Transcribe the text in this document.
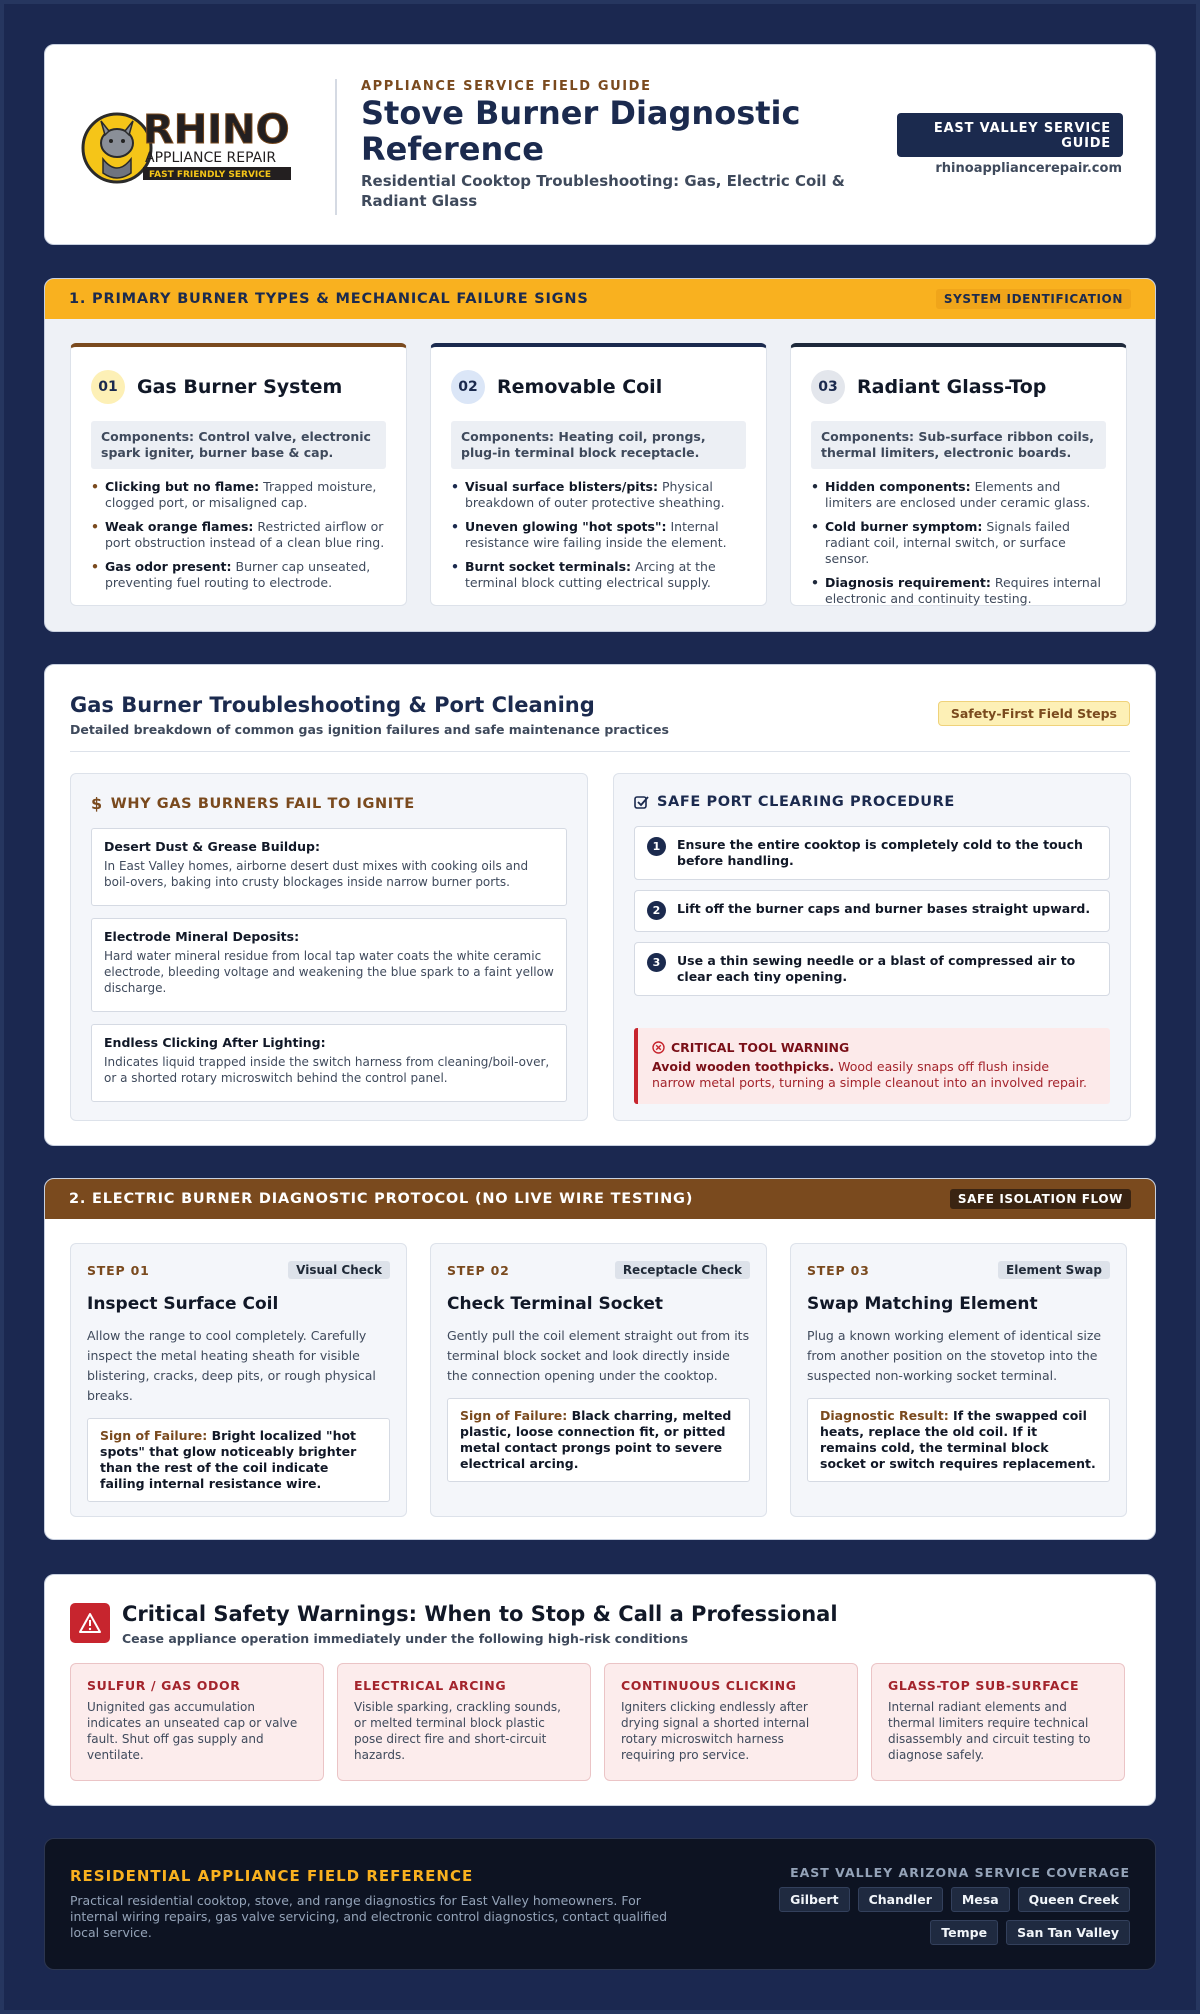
RHINO
APPLIANCE REPAIR
FAST FRIENDLY SERVICE
APPLIANCE SERVICE FIELD GUIDE
Stove Burner Diagnostic Reference
Residential Cooktop Troubleshooting: Gas, Electric Coil & Radiant Glass
EAST VALLEY SERVICE GUIDE
rhinoappliancerepair.com
1. PRIMARY BURNER TYPES & MECHANICAL FAILURE SIGNS	SYSTEM IDENTIFICATION
01	Gas Burner System
Components: Control valve, electronic spark igniter, burner base & cap.
• Clicking but no flame: Trapped moisture, clogged port, or misaligned cap.
• Weak orange flames: Restricted airflow or port obstruction instead of a clean blue ring.
• Gas odor present: Burner cap unseated, preventing fuel routing to electrode.
02	Removable Coil
Components: Heating coil, prongs, plug-in terminal block receptacle.
• Visual surface blisters/pits: Physical breakdown of outer protective sheathing.
• Uneven glowing "hot spots": Internal resistance wire failing inside the element.
• Burnt socket terminals: Arcing at the terminal block cutting electrical supply.
03	Radiant Glass-Top
Components: Sub-surface ribbon coils, thermal limiters, electronic boards.
• Hidden components: Elements and limiters are enclosed under ceramic glass.
• Cold burner symptom: Signals failed radiant coil, internal switch, or surface sensor.
• Diagnosis requirement: Requires internal electronic and continuity testing.
Gas Burner Troubleshooting & Port Cleaning
Detailed breakdown of common gas ignition failures and safe maintenance practices
Safety-First Field Steps
$ WHY GAS BURNERS FAIL TO IGNITE
Desert Dust & Grease Buildup:
In East Valley homes, airborne desert dust mixes with cooking oils and boil-overs, baking into crusty blockages inside narrow burner ports.
Electrode Mineral Deposits:
Hard water mineral residue from local tap water coats the white ceramic electrode, bleeding voltage and weakening the blue spark to a faint yellow discharge.
Endless Clicking After Lighting:
Indicates liquid trapped inside the switch harness from cleaning/boil-over, or a shorted rotary microswitch behind the control panel.
SAFE PORT CLEARING PROCEDURE
1	Ensure the entire cooktop is completely cold to the touch before handling.
2	Lift off the burner caps and burner bases straight upward.
3	Use a thin sewing needle or a blast of compressed air to clear each tiny opening.
CRITICAL TOOL WARNING
Avoid wooden toothpicks. Wood easily snaps off flush inside narrow metal ports, turning a simple cleanout into an involved repair.
2. ELECTRIC BURNER DIAGNOSTIC PROTOCOL (NO LIVE WIRE TESTING)	SAFE ISOLATION FLOW
STEP 01	Visual Check
Inspect Surface Coil
Allow the range to cool completely. Carefully inspect the metal heating sheath for visible blistering, cracks, deep pits, or rough physical breaks.
Sign of Failure: Bright localized "hot spots" that glow noticeably brighter than the rest of the coil indicate failing internal resistance wire.
STEP 02	Receptacle Check
Check Terminal Socket
Gently pull the coil element straight out from its terminal block socket and look directly inside the connection opening under the cooktop.
Sign of Failure: Black charring, melted plastic, loose connection fit, or pitted metal contact prongs point to severe electrical arcing.
STEP 03	Element Swap
Swap Matching Element
Plug a known working element of identical size from another position on the stovetop into the suspected non-working socket terminal.
Diagnostic Result: If the swapped coil heats, replace the old coil. If it remains cold, the terminal block socket or switch requires replacement.
Critical Safety Warnings: When to Stop & Call a Professional
Cease appliance operation immediately under the following high-risk conditions
SULFUR / GAS ODOR
Unignited gas accumulation indicates an unseated cap or valve fault. Shut off gas supply and ventilate.
ELECTRICAL ARCING
Visible sparking, crackling sounds, or melted terminal block plastic pose direct fire and short-circuit hazards.
CONTINUOUS CLICKING
Igniters clicking endlessly after drying signal a shorted internal rotary microswitch harness requiring pro service.
GLASS-TOP SUB-SURFACE
Internal radiant elements and thermal limiters require technical disassembly and circuit testing to diagnose safely.
RESIDENTIAL APPLIANCE FIELD REFERENCE
Practical residential cooktop, stove, and range diagnostics for East Valley homeowners. For internal wiring repairs, gas valve servicing, and electronic control diagnostics, contact qualified local service.
EAST VALLEY ARIZONA SERVICE COVERAGE
Gilbert	Chandler	Mesa	Queen Creek
Tempe	San Tan Valley
